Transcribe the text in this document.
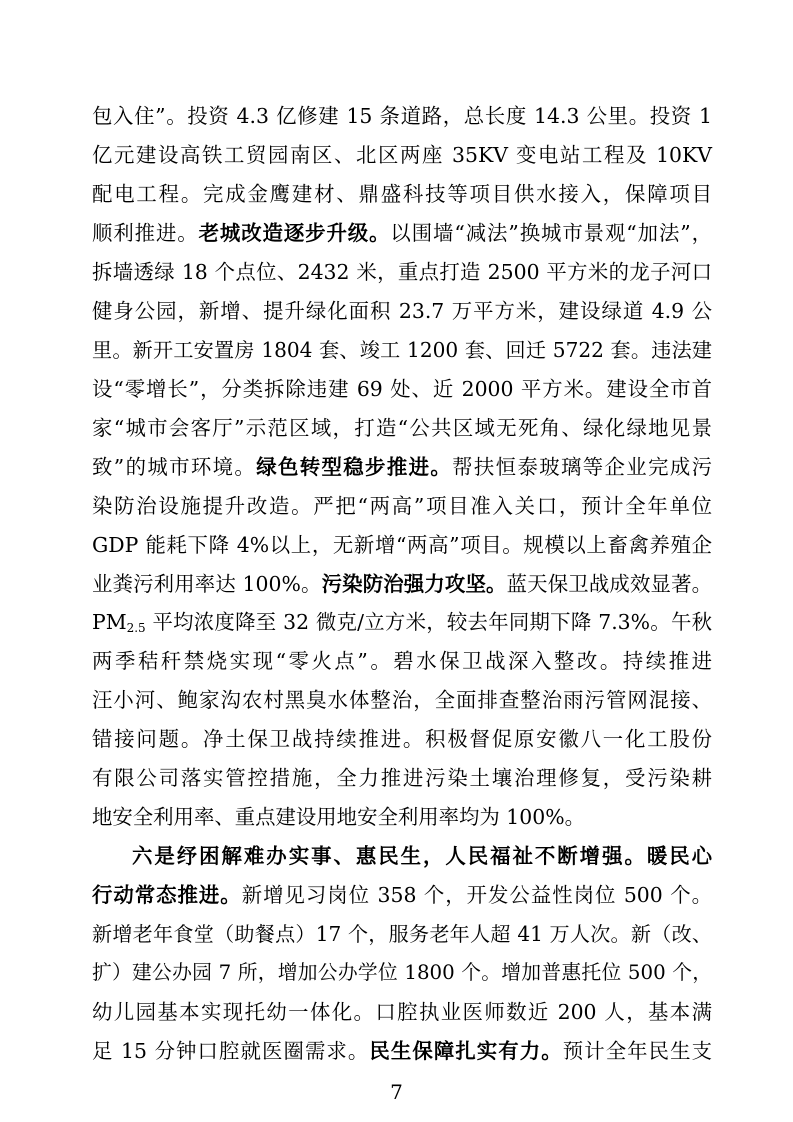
包入住”。投资 4.3 亿修建 15 条道路，总长度 14.3 公里。投资 1
亿元建设高铁工贸园南区、北区两座 35KV 变电站工程及 10KV
配电工程。完成金鹰建材、鼎盛科技等项目供水接入，保障项目
顺利推进。老城改造逐步升级。以围墙“减法”换城市景观“加法”，
拆墙透绿 18 个点位、2432 米，重点打造 2500 平方米的龙子河口
健身公园，新增、提升绿化面积 23.7 万平方米，建设绿道 4.9 公
里。新开工安置房 1804 套、竣工 1200 套、回迁 5722 套。违法建
设“零增长”，分类拆除违建 69 处、近 2000 平方米。建设全市首
家“城市会客厅”示范区域，打造“公共区域无死角、绿化绿地见景
致”的城市环境。绿色转型稳步推进。帮扶恒泰玻璃等企业完成污
染防治设施提升改造。严把“两高”项目准入关口，预计全年单位
GDP 能耗下降 4%以上，无新增“两高”项目。规模以上畜禽养殖企
业粪污利用率达 100%。污染防治强力攻坚。蓝天保卫战成效显著。
$PM_{2.5}$ 平均浓度降至 32 微克/立方米，较去年同期下降 7.3%。午秋
两季秸秆禁烧实现“零火点”。碧水保卫战深入整改。持续推进
汪小河、鲍家沟农村黑臭水体整治，全面排查整治雨污管网混接、
错接问题。净土保卫战持续推进。积极督促原安徽八一化工股份
有限公司落实管控措施，全力推进污染土壤治理修复，受污染耕
地安全利用率、重点建设用地安全利用率均为 100%。
六是纾困解难办实事、惠民生，人民福祉不断增强。暖民心
行动常态推进。新增见习岗位 358 个，开发公益性岗位 500 个。
新增老年食堂（助餐点）17 个，服务老年人超 41 万人次。新（改、
扩）建公办园 7 所，增加公办学位 1800 个。增加普惠托位 500 个，
幼儿园基本实现托幼一体化。口腔执业医师数近 200 人，基本满
足 15 分钟口腔就医圈需求。民生保障扎实有力。预计全年民生支
7
